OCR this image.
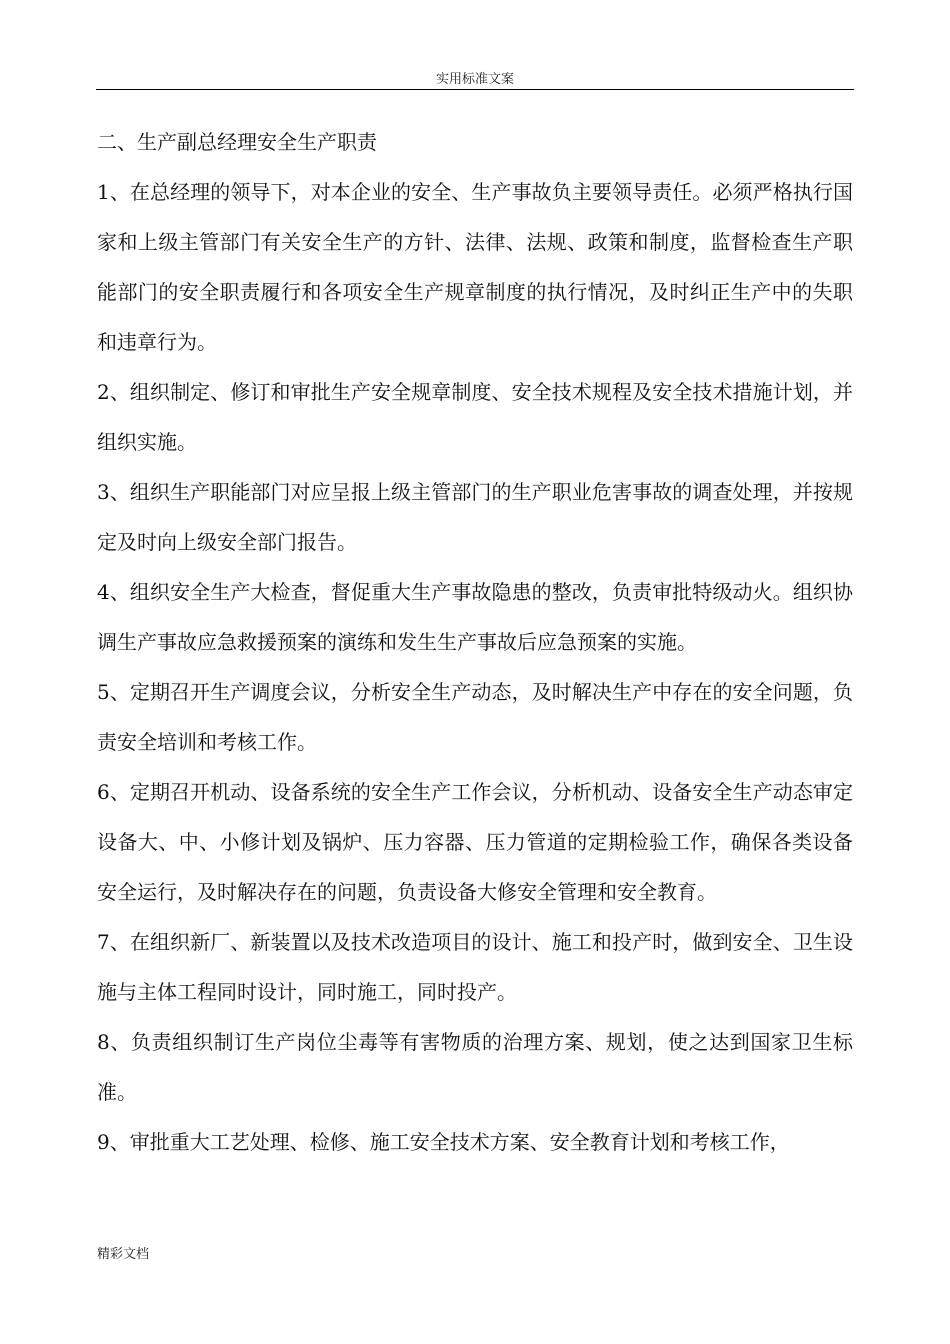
实用标准文案

二、生产副总经理安全生产职责

1、在总经理的领导下，对本企业的安全、生产事故负主要领导责任。必须严格执行国家和上级主管部门有关安全生产的方针、法律、法规、政策和制度，监督检查生产职能部门的安全职责履行和各项安全生产规章制度的执行情况，及时纠正生产中的失职和违章行为。

2、组织制定、修订和审批生产安全规章制度、安全技术规程及安全技术措施计划，并组织实施。

3、组织生产职能部门对应呈报上级主管部门的生产职业危害事故的调查处理，并按规定及时向上级安全部门报告。

4、组织安全生产大检查，督促重大生产事故隐患的整改，负责审批特级动火。组织协调生产事故应急救援预案的演练和发生生产事故后应急预案的实施。

5、定期召开生产调度会议，分析安全生产动态，及时解决生产中存在的安全问题，负责安全培训和考核工作。

6、定期召开机动、设备系统的安全生产工作会议，分析机动、设备安全生产动态审定设备大、中、小修计划及锅炉、压力容器、压力管道的定期检验工作，确保各类设备安全运行，及时解决存在的问题，负责设备大修安全管理和安全教育。

7、在组织新厂、新装置以及技术改造项目的设计、施工和投产时，做到安全、卫生设施与主体工程同时设计，同时施工，同时投产。

8、负责组织制订生产岗位尘毒等有害物质的治理方案、规划，使之达到国家卫生标准。

9、审批重大工艺处理、检修、施工安全技术方案、安全教育计划和考核工作，

精彩文档
